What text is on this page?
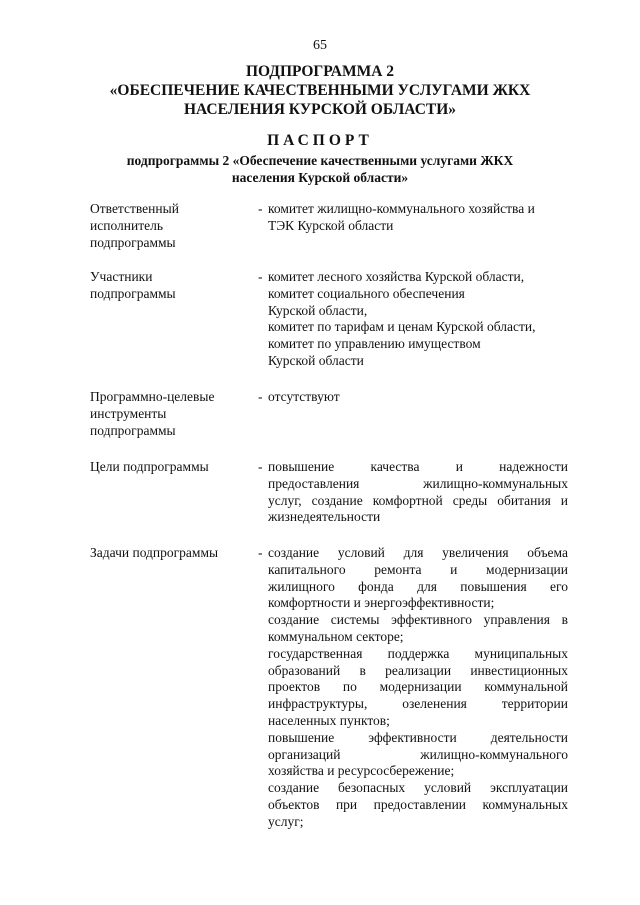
65
ПОДПРОГРАММА 2
«ОБЕСПЕЧЕНИЕ КАЧЕСТВЕННЫМИ УСЛУГАМИ ЖКХ
НАСЕЛЕНИЯ КУРСКОЙ ОБЛАСТИ»
ПАСПОРТ
подпрограммы 2 «Обеспечение качественными услугами ЖКХ
населения Курской области»
Ответственный
исполнитель
подпрограммы
- комитет жилищно-коммунального хозяйства и
ТЭК Курской области
Участники
подпрограммы
- комитет лесного хозяйства Курской области,
комитет социального обеспечения
Курской области,
комитет по тарифам и ценам Курской области,
комитет по управлению имуществом
Курской области
Программно-целевые
инструменты
подпрограммы
- отсутствуют
Цели подпрограммы	- повышение качества и надежности
предоставления жилищно-коммунальных
услуг, создание комфортной среды обитания и
жизнедеятельности
Задачи подпрограммы	- создание условий для увеличения объема
капитального ремонта и модернизации
жилищного фонда для повышения его
комфортности и энергоэффективности;
создание системы эффективного управления в
коммунальном секторе;
государственная поддержка муниципальных
образований в реализации инвестиционных
проектов по модернизации коммунальной
инфраструктуры, озеленения территории
населенных пунктов;
повышение эффективности деятельности
организаций жилищно-коммунального
хозяйства и ресурсосбережение;
создание безопасных условий эксплуатации
объектов при предоставлении коммунальных
услуг;
